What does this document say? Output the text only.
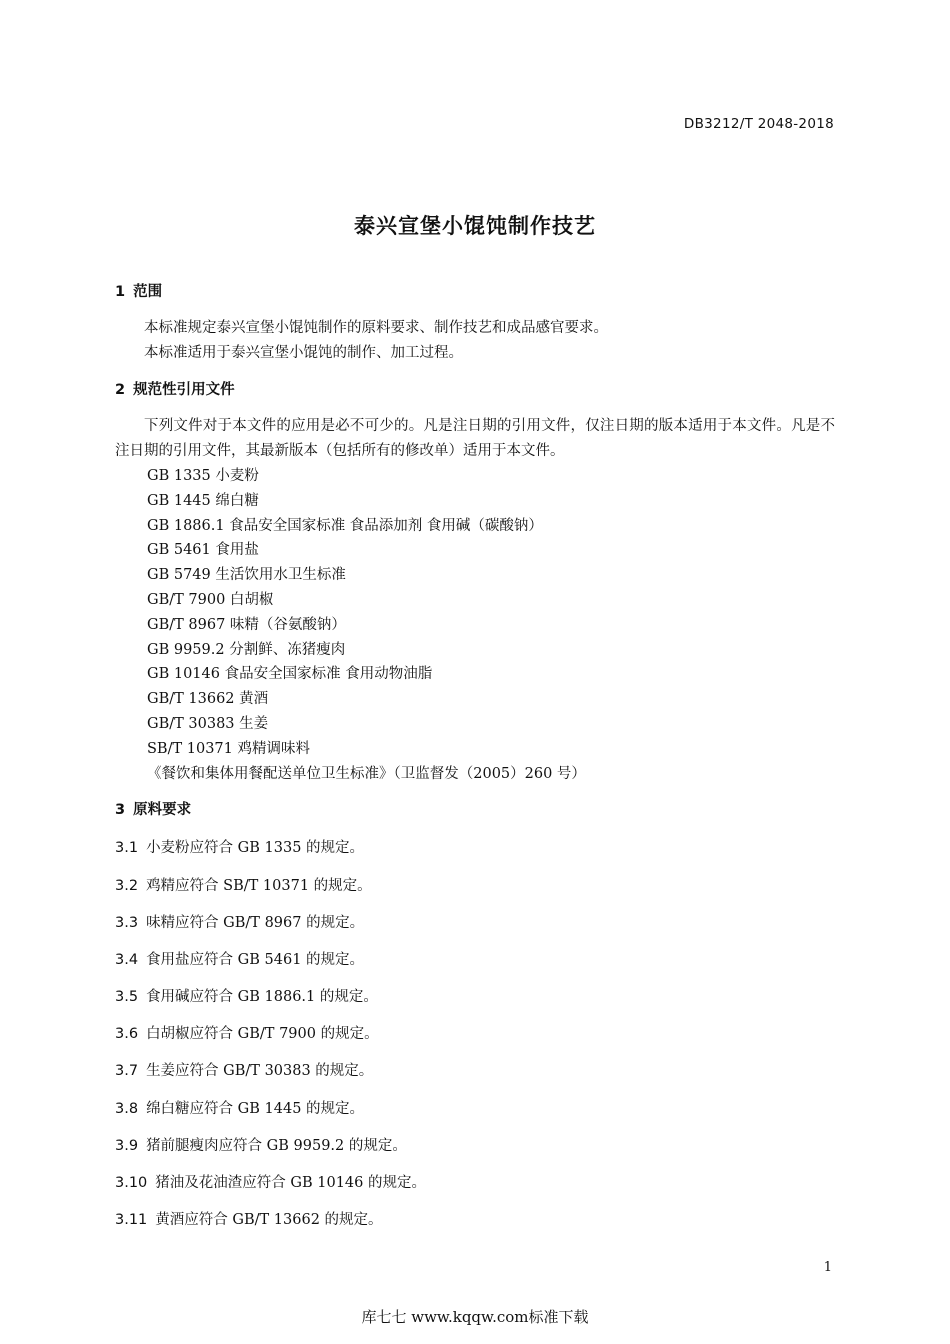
DB3212/T 2048-2018
泰兴宣堡小馄饨制作技艺
1 范围

本标准规定泰兴宣堡小馄饨制作的原料要求、制作技艺和成品感官要求。

本标准适用于泰兴宣堡小馄饨的制作、加工过程。

2 规范性引用文件

下列文件对于本文件的应用是必不可少的。凡是注日期的引用文件，仅注日期的版本适用于本文件。凡是不注日期的引用文件，其最新版本（包括所有的修改单）适用于本文件。

GB 1335 小麦粉
GB 1445 绵白糖
GB 1886.1 食品安全国家标准 食品添加剂 食用碱（碳酸钠）
GB 5461 食用盐
GB 5749 生活饮用水卫生标准
GB/T 7900 白胡椒
GB/T 8967 味精（谷氨酸钠）
GB 9959.2 分割鲜、冻猪瘦肉
GB 10146 食品安全国家标准 食用动物油脂
GB/T 13662 黄酒
GB/T 30383 生姜
SB/T 10371 鸡精调味料
《餐饮和集体用餐配送单位卫生标准》（卫监督发（2005）260 号）
3 原料要求
3.1 小麦粉应符合 GB 1335 的规定。
3.2 鸡精应符合 SB/T 10371 的规定。
3.3 味精应符合 GB/T 8967 的规定。
3.4 食用盐应符合 GB 5461 的规定。
3.5 食用碱应符合 GB 1886.1 的规定。
3.6 白胡椒应符合 GB/T 7900 的规定。
3.7 生姜应符合 GB/T 30383 的规定。
3.8 绵白糖应符合 GB 1445 的规定。
3.9 猪前腿瘦肉应符合 GB 9959.2 的规定。
3.10 猪油及花油渣应符合 GB 10146 的规定。
3.11 黄酒应符合 GB/T 13662 的规定。
1
库七七 www.kqqw.com标准下载
